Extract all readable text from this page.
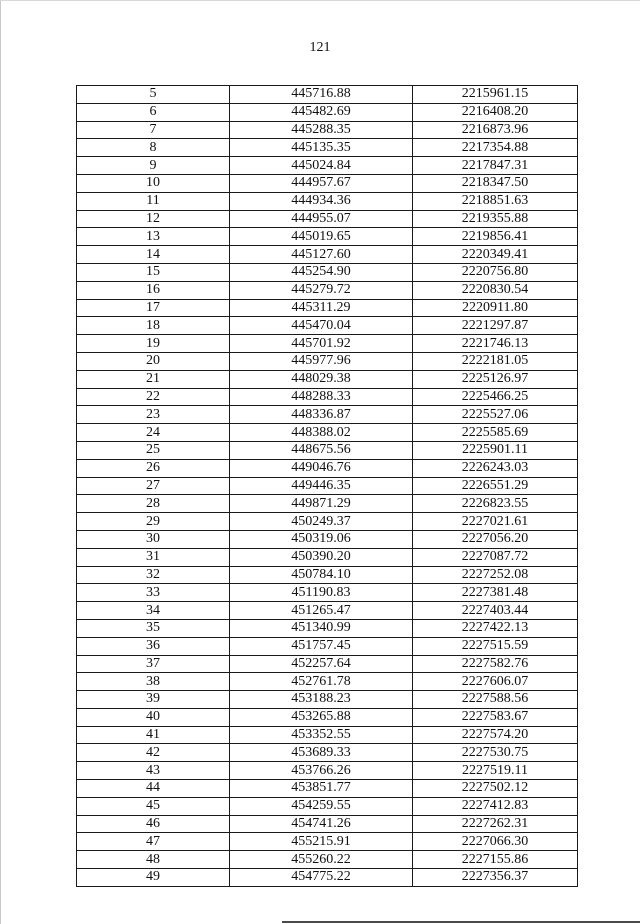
121
5	445716.88	2215961.15
6	445482.69	2216408.20
7	445288.35	2216873.96
8	445135.35	2217354.88
9	445024.84	2217847.31
10	444957.67	2218347.50
11	444934.36	2218851.63
12	444955.07	2219355.88
13	445019.65	2219856.41
14	445127.60	2220349.41
15	445254.90	2220756.80
16	445279.72	2220830.54
17	445311.29	2220911.80
18	445470.04	2221297.87
19	445701.92	2221746.13
20	445977.96	2222181.05
21	448029.38	2225126.97
22	448288.33	2225466.25
23	448336.87	2225527.06
24	448388.02	2225585.69
25	448675.56	2225901.11
26	449046.76	2226243.03
27	449446.35	2226551.29
28	449871.29	2226823.55
29	450249.37	2227021.61
30	450319.06	2227056.20
31	450390.20	2227087.72
32	450784.10	2227252.08
33	451190.83	2227381.48
34	451265.47	2227403.44
35	451340.99	2227422.13
36	451757.45	2227515.59
37	452257.64	2227582.76
38	452761.78	2227606.07
39	453188.23	2227588.56
40	453265.88	2227583.67
41	453352.55	2227574.20
42	453689.33	2227530.75
43	453766.26	2227519.11
44	453851.77	2227502.12
45	454259.55	2227412.83
46	454741.26	2227262.31
47	455215.91	2227066.30
48	455260.22	2227155.86
49	454775.22	2227356.37
